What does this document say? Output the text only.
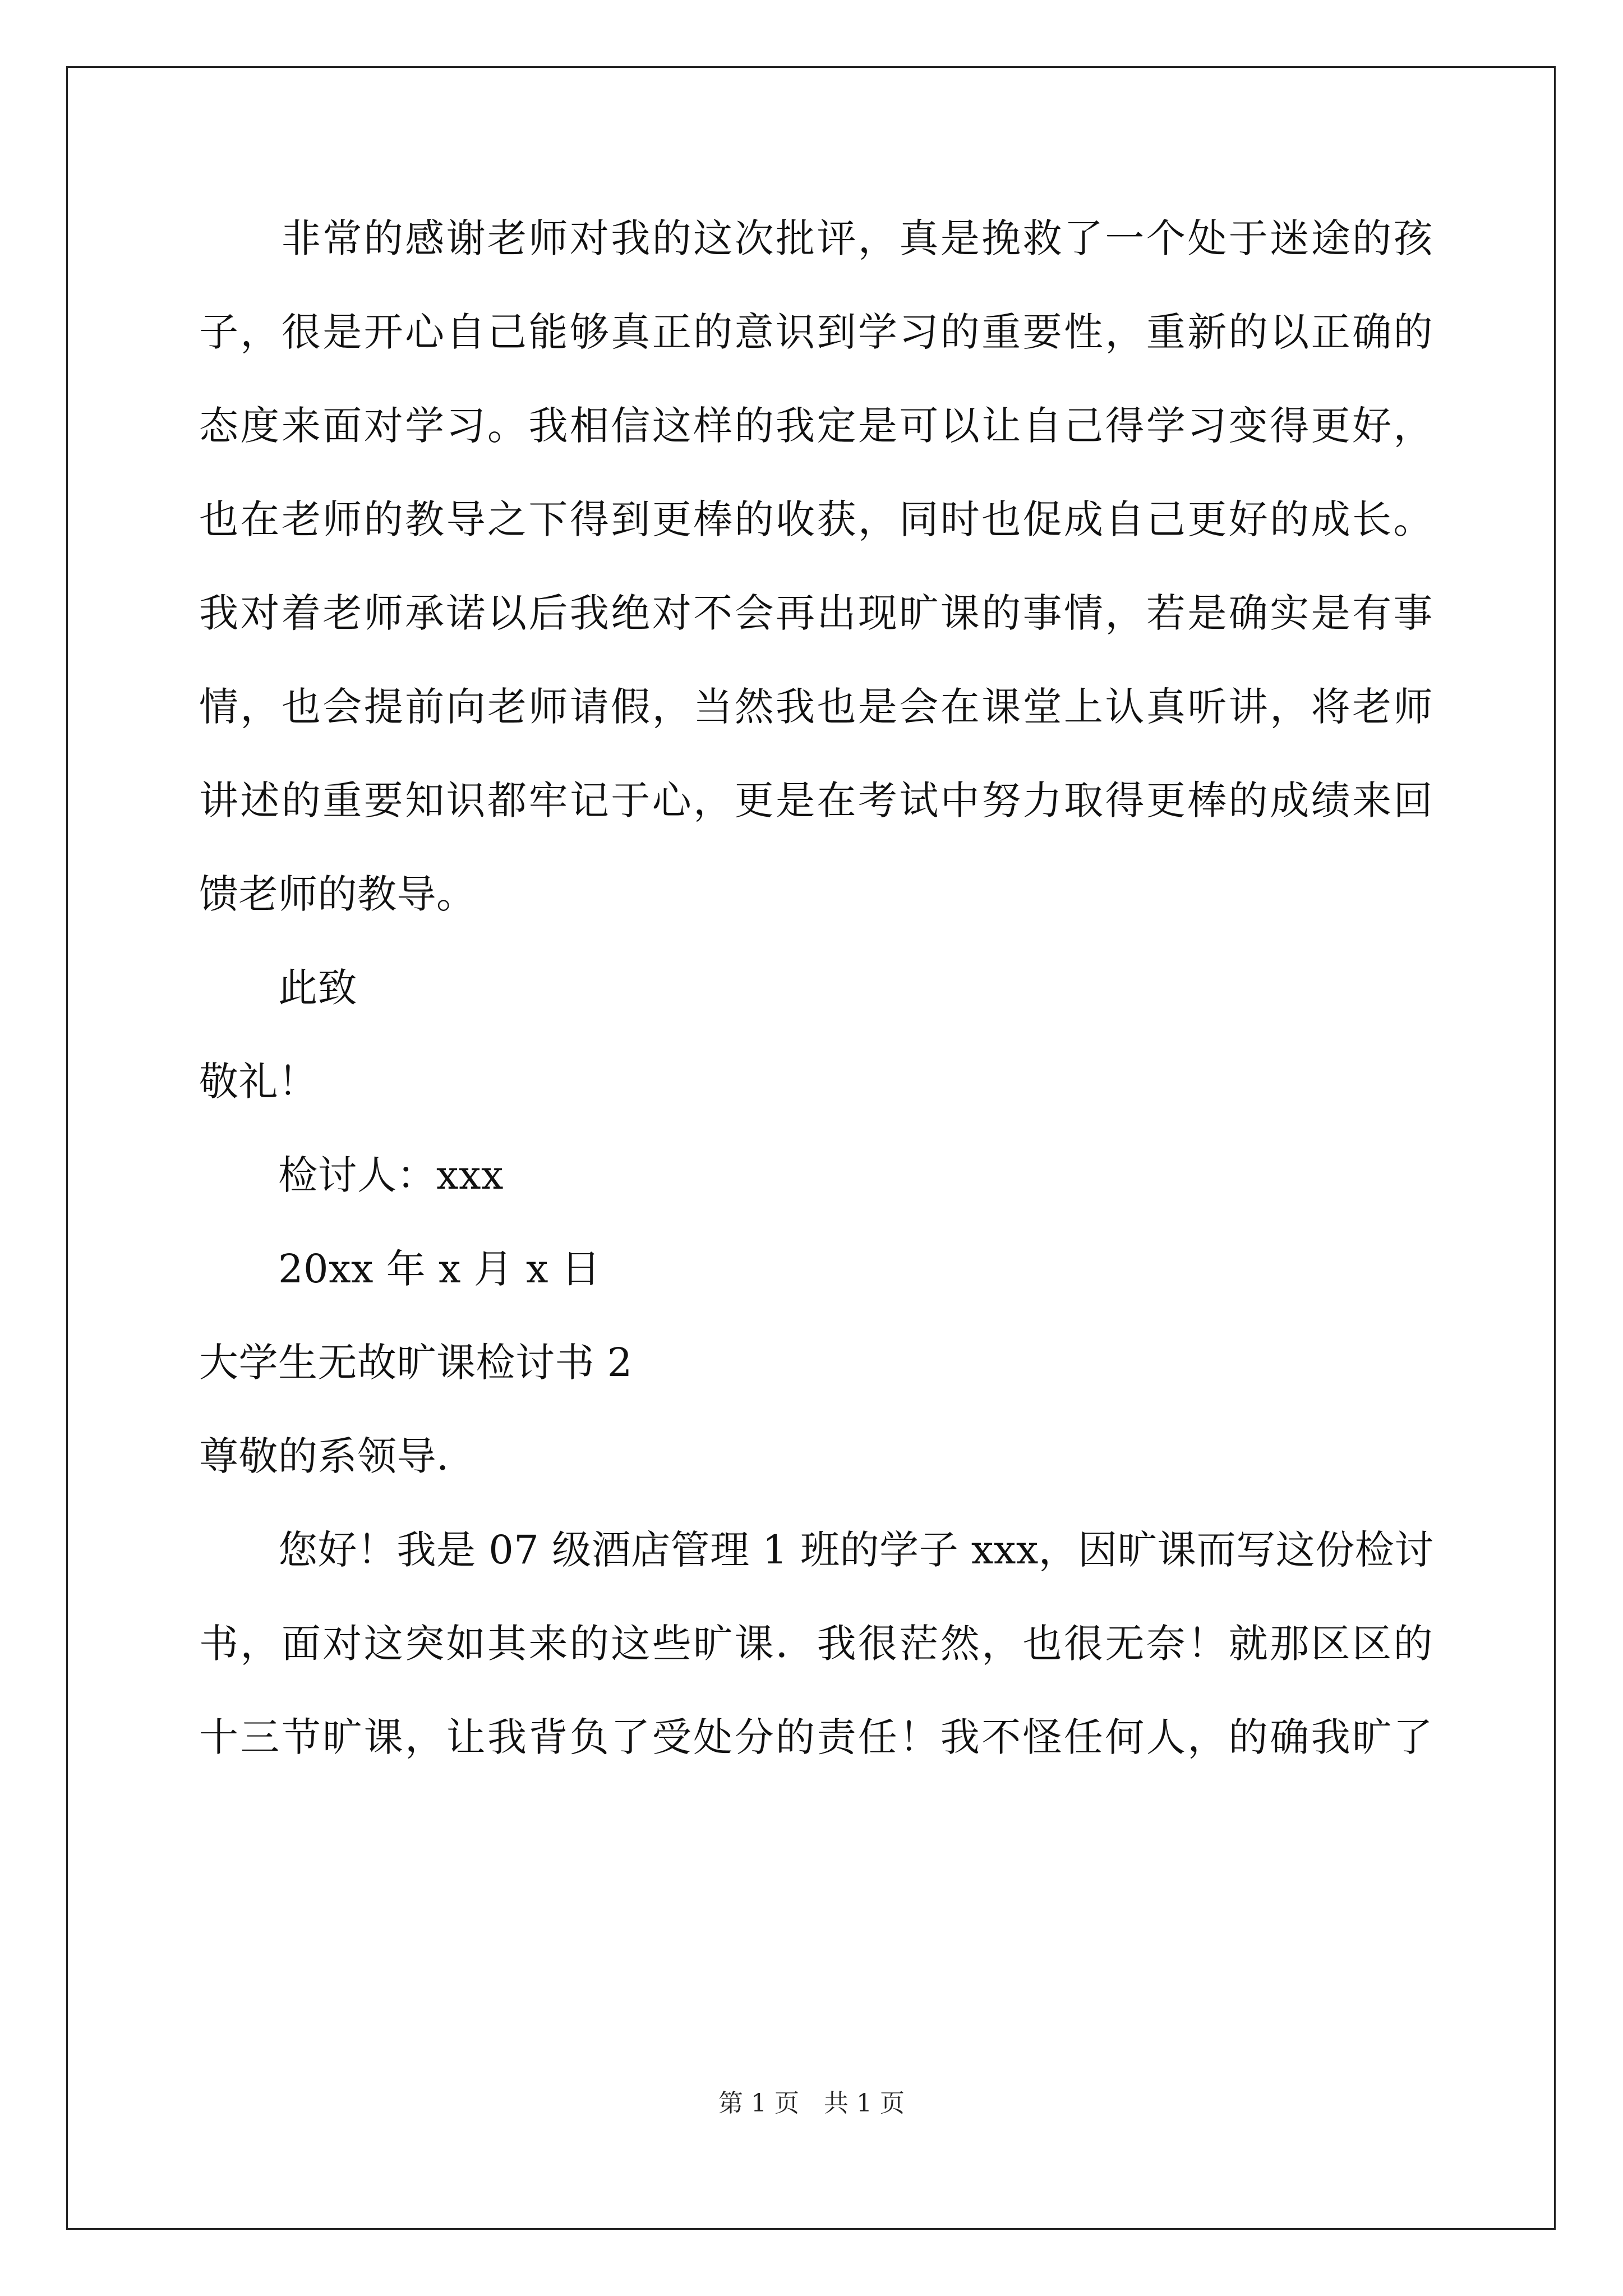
　　非常的感谢老师对我的这次批评，真是挽救了一个处于迷途的孩
子，很是开心自己能够真正的意识到学习的重要性，重新的以正确的
态度来面对学习。我相信这样的我定是可以让自己得学习变得更好，
也在老师的教导之下得到更棒的收获，同时也促成自己更好的成长。
我对着老师承诺以后我绝对不会再出现旷课的事情，若是确实是有事
情，也会提前向老师请假，当然我也是会在课堂上认真听讲，将老师
讲述的重要知识都牢记于心，更是在考试中努力取得更棒的成绩来回
馈老师的教导。
　　此致
敬礼！
　　检讨人：xxx
　　20xx 年 x 月 x 日
大学生无故旷课检讨书 2
尊敬的系领导.
　　您好！我是 07 级酒店管理 1 班的学子 xxx，因旷课而写这份检讨
书，面对这突如其来的这些旷课．我很茫然，也很无奈！就那区区的
十三节旷课，让我背负了受处分的责任！我不怪任何人，的确我旷了
第 1 页　共 1 页
